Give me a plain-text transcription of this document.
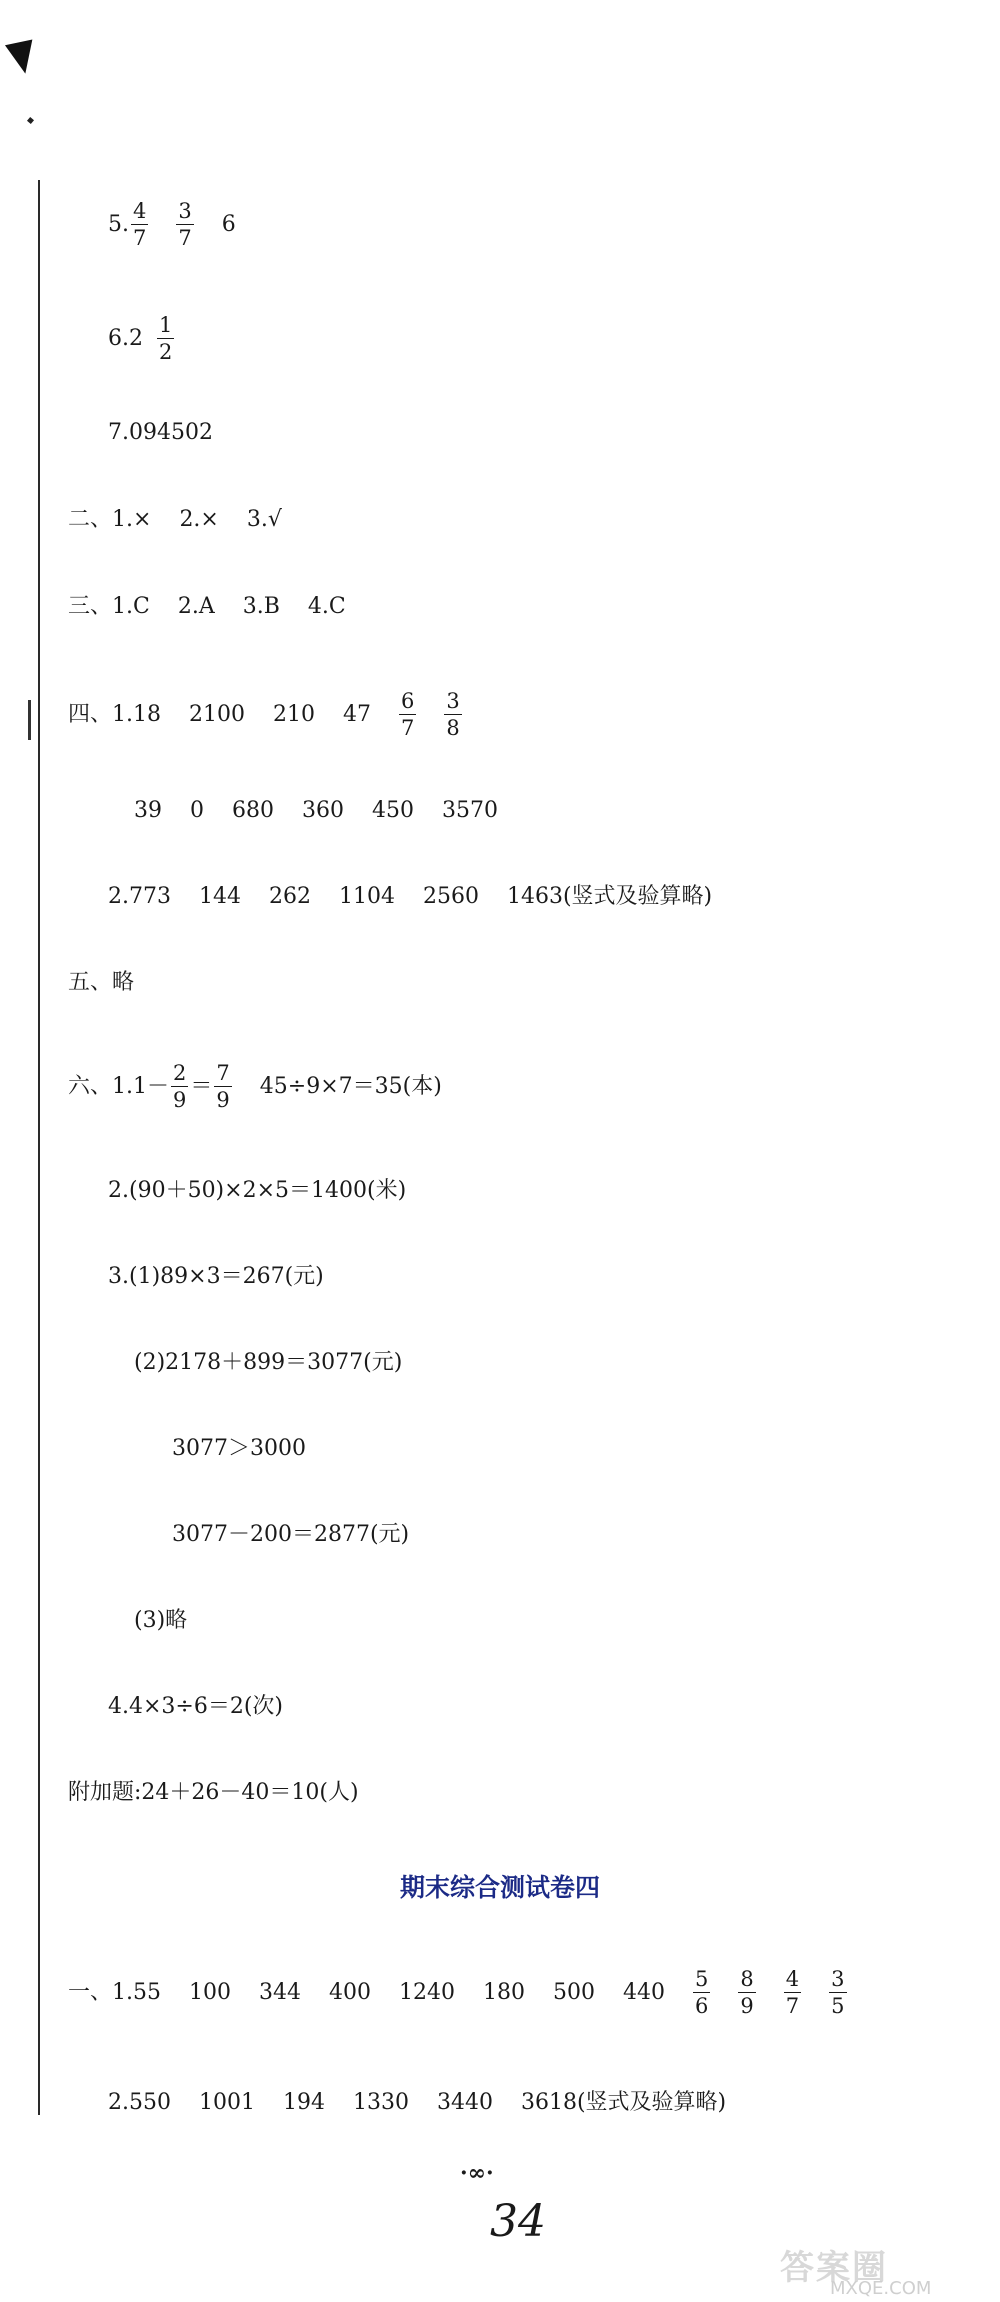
5. $\frac{4}{7} \frac{3}{7} 6$
$6.2 \frac{1}{2}$
7.094502
二、1.× 2.× 3.√
三、1.C 2.A 3.B 4.C
四、1.18 2100 210 $47 \frac{6}{7} \frac{3}{8}$
39 0 680 360 450 3570
2.773 144 262 1104 2560 1463(竖式及验算略)
五、略
六、$1.1- \frac{2}{9} = \frac{7}{9} 45\div 9\times 7=35$(本)
2.(90＋50)×2×5＝1400(米)
3.(1)89×3＝267(元)
(2)2178＋899＝3077(元)
3077＞3000
3077－200＝2877(元)
(3)略
4.4×3÷6＝2(次)
附加题:24＋26－40＝10(人)
期末综合测试卷四
一、1.55 100 344 400 1240 180 500 $440 \frac{5}{6} \frac{8}{9} \frac{4}{7} \frac{3}{5}$
2.550 1001 194 1330 3440 3618(竖式及验算略)
·∞·
34
答案圈
MXQE.COM
